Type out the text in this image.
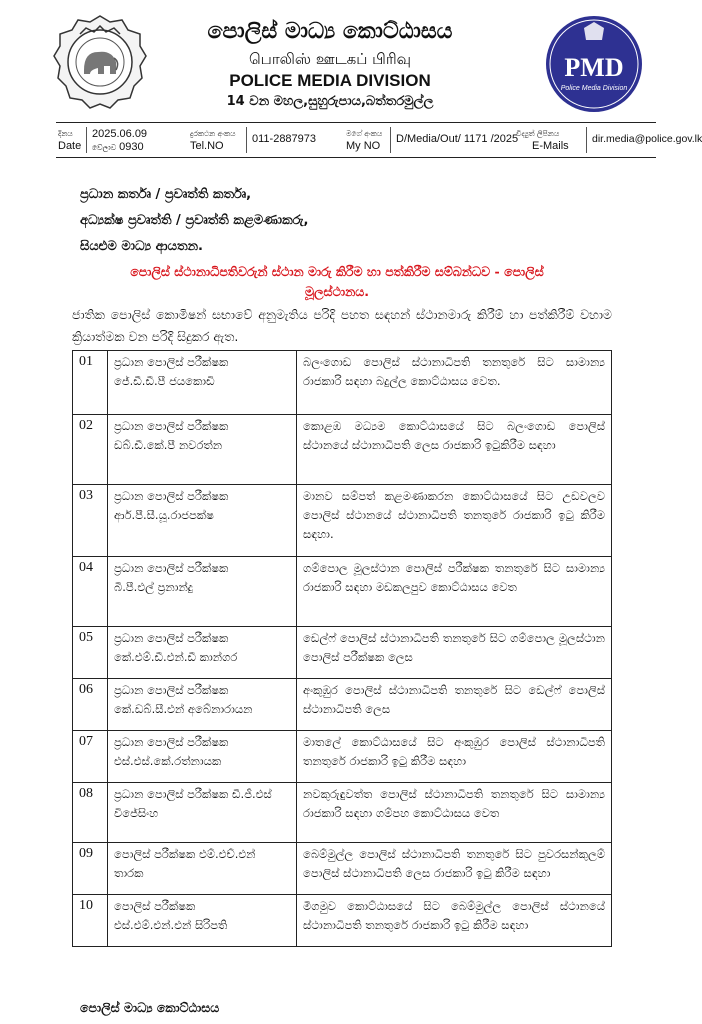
පොලිස් මාධ්‍ය කොට්ඨාසය
பொலிஸ் ஊடகப் பிரிவு
POLICE MEDIA DIVISION
14 වන මහල,සුහුරුපාය,බත්තරමුල්ල
PMD
Police Media Division
දිනය
Date
2025.06.09
වේලාව 0930
දුරකථන අංකය
Tel.NO
011-2887973	මගේ අංකය
My NO
D/Media/Out/ 1171 /2025
විද්‍යුත් ලිපිනය
E-Mails
dir.media@police.gov.lk
ප්‍රධාන කර්තෘ / ප්‍රවෘත්ති කර්තෘ,
අධ්‍යක්ෂ ප්‍රවෘත්ති / ප්‍රවෘත්ති කළමණාකරු,
සියළුම මාධ්‍ය ආයතන.
පොලිස් ස්ථානාධිපතිවරුන් ස්ථාන මාරු කිරීම හා පත්කිරීම සම්බන්ධව - පොලිස්
මූලස්ථානය.
ජාතික පොලිස් කොමිෂන් සභාවේ අනුමැතිය පරිදි පහත සඳහන් ස්ථානමාරු කිරීම් හා පත්කිරීම් වහාම ක්‍රියාත්මක වන පරිදි සිදුකර ඇත.
01	ප්‍රධාන පොලිස් පරීක්ෂක
ජේ.ඩී.ඩී.පී ජයකොඩි	බලංගොඩ පොලිස් ස්ථානාධිපති තනතුරේ සිට සාමාන්‍ය රාජකාරි සඳහා බදුල්ල කොට්ඨාසය වෙත.
02	ප්‍රධාන පොලිස් පරීක්ෂක
ඩබ්.ඩී.කේ.පී නවරත්න	කොළඹ මධ්‍යම කොට්ඨාසයේ සිට බලංගොඩ පොලිස් ස්ථානයේ ස්ථානාධිපති ලෙස රාජකාරි ඉටුකිරීම සඳහා
03	ප්‍රධාන පොලිස් පරීක්ෂක
ආර්.පී.සී.යූ.රාජපක්ෂ	මානව සම්පත් කළමණාකරන කොට්ඨාසයේ සිට උඩවලව පොලිස් ස්ථානයේ ස්ථානාධිපති තනතුරේ රාජකාරි ඉටු කිරීම සඳහා.
04	ප්‍රධාන පොලිස් පරීක්ෂක
බී.පී.එල් ප්‍රනාන්දු	ගම්පොල මූලස්ථාන පොලිස් පරීක්ෂක තනතුරේ සිට සාමාන්‍ය රාජකාරි සඳහා මඩකලපුව කොට්ඨාසය වෙත
05	ප්‍රධාන පොලිස් පරීක්ෂක
කේ.එම්.ඩී.එන්.ඩී කාන්ගර	ඩෙල්ෆ් පොලිස් ස්ථානාධිපති තනතුරේ සිට ගම්පොල මූලස්ථාන පොලිස් පරීක්ෂක ලෙස
06	ප්‍රධාන පොලිස් පරීක්ෂක
කේ.ඩබ්.සී.එන් අබේනාරායන	අංකුඹුර පොලිස් ස්ථානාධිපති තනතුරේ සිට ඩෙල්ෆ් පොලිස් ස්ථානාධිපති ලෙස
07	ප්‍රධාන පොලිස් පරීක්ෂක
එස්.එස්.කේ.රත්නායක	මාතලේ කොට්ඨාසයේ සිට අංකුඹුර පොලිස් ස්ථානාධිපති තනතුරේ රාජකාරි ඉටු කිරීම සඳහා
08	ප්‍රධාන පොලිස් පරීක්ෂක ඩී.ජී.එස්
විජේසිංහ	නවකුරුඳුවත්ත පොලිස් ස්ථානාධිපති තනතුරේ සිට සාමාන්‍ය රාජකාරි සඳහා ගම්පහ කොට්ඨාසය වෙත
09	පොලිස් පරීක්ෂක එම්.එච්.එන්
තාරක	බෙම්මුල්ල පොලිස් ස්ථානාධිපති තනතුරේ සිට පුවරසන්කුලම් පොලිස් ස්ථානාධිපති ලෙස රාජකාරි ඉටු කිරීම සඳහා
10	පොලිස් පරීක්ෂක
එස්.එම්.එන්.එන් සිරිපති	මීගමුව කොට්ඨාසයේ සිට බෙම්මුල්ල පොලිස් ස්ථානයේ ස්ථානාධිපති තනතුරේ රාජකාරි ඉටු කිරීම සඳහා
පොලිස් මාධ්‍ය කොට්ඨාසය
